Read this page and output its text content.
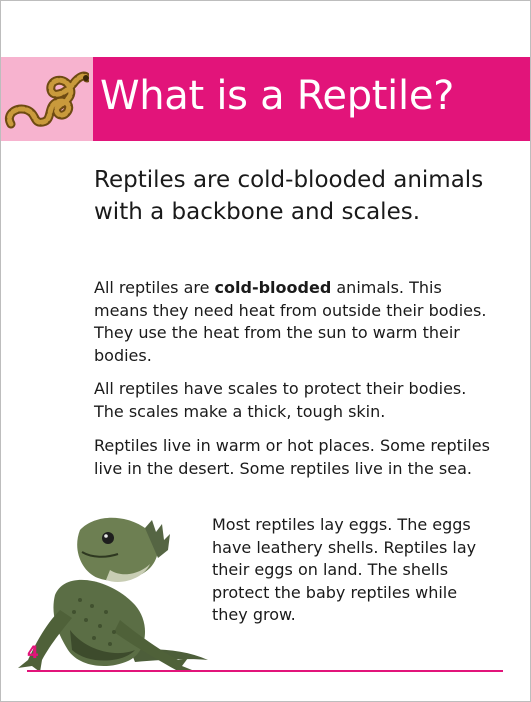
What is a Reptile?
Reptiles are cold-blooded animals with a backbone and scales.
All reptiles are cold-blooded animals. This means they need heat from outside their bodies. They use the heat from the sun to warm their bodies.
All reptiles have scales to protect their bodies. The scales make a thick, tough skin.
Reptiles live in warm or hot places. Some reptiles live in the desert. Some reptiles live in the sea.
Most reptiles lay eggs. The eggs have leathery shells. Reptiles lay their eggs on land. The shells protect the baby reptiles while they grow.
4
